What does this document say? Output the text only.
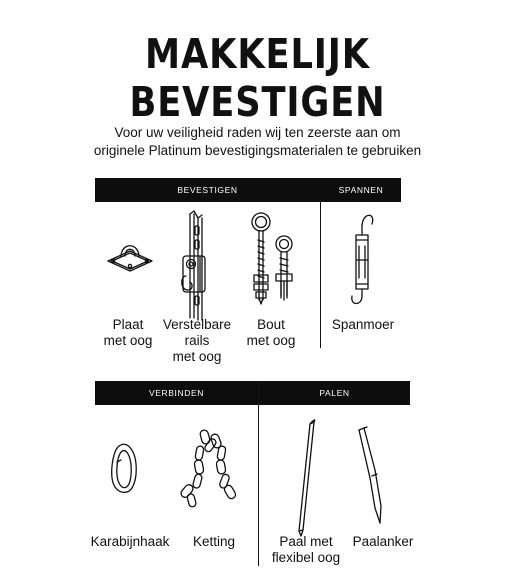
MAKKELIJK BEVESTIGEN
Voor uw veiligheid raden wij ten zeerste aan om
originele Platinum bevestigingsmaterialen te gebruiken
BEVESTIGEN	SPANNEN
VERBINDEN	PALEN
Plaat
met oog
Verstelbare
rails
met oog
Bout
met oog
Spanmoer
Karabijnhaak	Ketting	Paal met
flexibel oog
Paalanker
